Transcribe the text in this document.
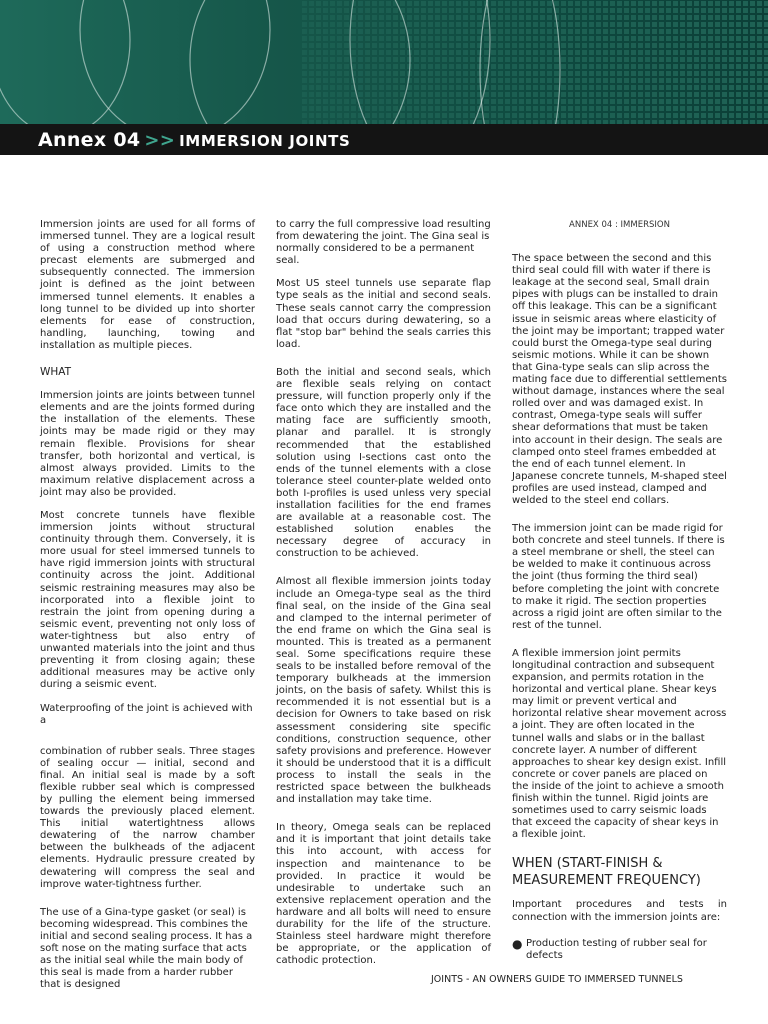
Annex 04 >> IMMERSION JOINTS

Immersion joints are used for all forms of immersed tunnel. They are a logical result of using a construction method where precast elements are submerged and subsequently connected. The immersion joint is defined as the joint between immersed tunnel elements. It enables a long tunnel to be divided up into shorter elements for ease of construction, handling, launching, towing and installation as multiple pieces.

WHAT

Immersion joints are joints between tunnel elements and are the joints formed during the installation of the elements. These joints may be made rigid or they may remain flexible. Provisions for shear transfer, both horizontal and vertical, is almost always provided. Limits to the maximum relative displacement across a joint may also be provided.

Most concrete tunnels have flexible immersion joints without structural continuity through them. Conversely, it is more usual for steel immersed tunnels to have rigid immersion joints with structural continuity across the joint. Additional seismic restraining measures may also be incorporated into a flexible joint to restrain the joint from opening during a seismic event, preventing not only loss of water-tightness but also entry of unwanted materials into the joint and thus preventing it from closing again; these additional measures may be active only during a seismic event.

Waterproofing of the joint is achieved with a

combination of rubber seals. Three stages of sealing occur — initial, second and final. An initial seal is made by a soft flexible rubber seal which is compressed by pulling the element being immersed towards the previously placed element. This initial watertightness allows dewatering of the narrow chamber between the bulkheads of the adjacent elements. Hydraulic pressure created by dewatering will compress the seal and improve water-tightness further.

The use of a Gina-type gasket (or seal) is becoming widespread. This combines the initial and second sealing process. It has a soft nose on the mating surface that acts as the initial seal while the main body of this seal is made from a harder rubber that is designed

to carry the full compressive load resulting from dewatering the joint. The Gina seal is normally considered to be a permanent seal.

Most US steel tunnels use separate flap type seals as the initial and second seals. These seals cannot carry the compression load that occurs during dewatering, so a flat "stop bar" behind the seals carries this load.

Both the initial and second seals, which are flexible seals relying on contact pressure, will function properly only if the face onto which they are installed and the mating face are sufficiently smooth, planar and parallel. It is strongly recommended that the established solution using I-sections cast onto the ends of the tunnel elements with a close tolerance steel counter-plate welded onto both I-profiles is used unless very special installation facilities for the end frames are available at a reasonable cost. The established solution enables the necessary degree of accuracy in construction to be achieved.

Almost all flexible immersion joints today include an Omega-type seal as the third final seal, on the inside of the Gina seal and clamped to the internal perimeter of the end frame on which the Gina seal is mounted. This is treated as a permanent seal. Some specifications require these seals to be installed before removal of the temporary bulkheads at the immersion joints, on the basis of safety. Whilst this is recommended it is not essential but is a decision for Owners to take based on risk assessment considering site specific conditions, construction sequence, other safety provisions and preference. However it should be understood that it is a difficult process to install the seals in the restricted space between the bulkheads and installation may take time.

In theory, Omega seals can be replaced and it is important that joint details take this into account, with access for inspection and maintenance to be provided. In practice it would be undesirable to undertake such an extensive replacement operation and the hardware and all bolts will need to ensure durability for the life of the structure. Stainless steel hardware might therefore be appropriate, or the application of cathodic protection.

ANNEX 04 : IMMERSION

The space between the second and this third seal could fill with water if there is leakage at the second seal, Small drain pipes with plugs can be installed to drain off this leakage. This can be a significant issue in seismic areas where elasticity of the joint may be important; trapped water could burst the Omega-type seal during seismic motions. While it can be shown that Gina-type seals can slip across the mating face due to differential settlements without damage, instances where the seal rolled over and was damaged exist. In contrast, Omega-type seals will suffer shear deformations that must be taken into account in their design. The seals are clamped onto steel frames embedded at the end of each tunnel element. In Japanese concrete tunnels, M-shaped steel profiles are used instead, clamped and welded to the steel end collars.

The immersion joint can be made rigid for both concrete and steel tunnels. If there is a steel membrane or shell, the steel can be welded to make it continuous across the joint (thus forming the third seal) before completing the joint with concrete to make it rigid. The section properties across a rigid joint are often similar to the rest of the tunnel.

A flexible immersion joint permits longitudinal contraction and subsequent expansion, and permits rotation in the horizontal and vertical plane. Shear keys may limit or prevent vertical and horizontal relative shear movement across a joint. They are often located in the tunnel walls and slabs or in the ballast concrete layer. A number of different approaches to shear key design exist. Infill concrete or cover panels are placed on the inside of the joint to achieve a smooth finish within the tunnel. Rigid joints are sometimes used to carry seismic loads that exceed the capacity of shear keys in a flexible joint.

WHEN (START-FINISH & MEASUREMENT FREQUENCY)

Important procedures and tests in connection with the immersion joints are:

● Production testing of rubber seal for defects
JOINTS - AN OWNERS GUIDE TO IMMERSED TUNNELS
